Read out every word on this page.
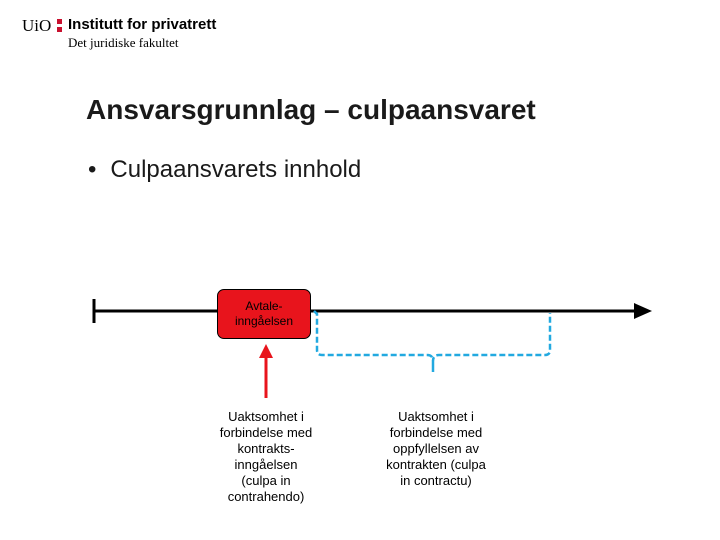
UiO Institutt for privatrett
Det juridiske fakultet
Ansvarsgrunnlag – culpaansvaret
• Culpaansvarets innhold
Avtale-
inngåelsen
Uaktsomhet i
forbindelse med
kontrakts-
inngåelsen
(culpa in
contrahendo)
Uaktsomhet i
forbindelse med
oppfyllelsen av
kontrakten (culpa
in contractu)
